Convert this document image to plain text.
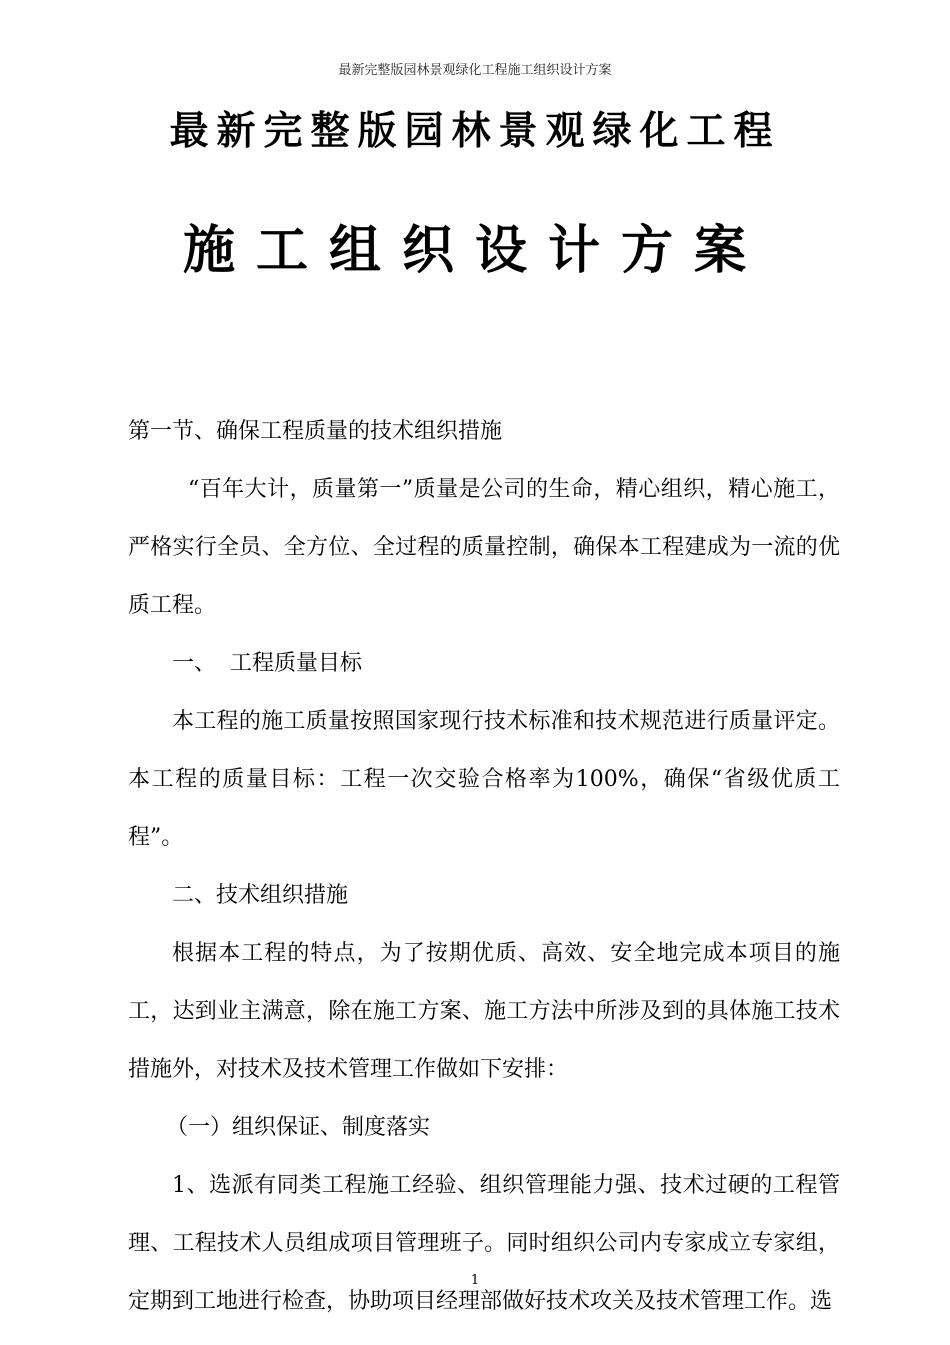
最新完整版园林景观绿化工程施工组织设计方案
最新完整版园林景观绿化工程
施工组织设计方案

第一节、确保工程质量的技术组织措施

“百年大计，质量第一”质量是公司的生命，精心组织，精心施工，严格实行全员、全方位、全过程的质量控制，确保本工程建成为一流的优质工程。

一、  工程质量目标

本工程的施工质量按照国家现行技术标准和技术规范进行质量评定。本工程的质量目标：工程一次交验合格率为100%，确保“省级优质工程”。

二、技术组织措施

根据本工程的特点，为了按期优质、高效、安全地完成本项目的施工，达到业主满意，除在施工方案、施工方法中所涉及到的具体施工技术措施外，对技术及技术管理工作做如下安排：

（一）组织保证、制度落实

1、选派有同类工程施工经验、组织管理能力强、技术过硬的工程管理、工程技术人员组成项目管理班子。同时组织公司内专家成立专家组，定期到工地进行检查，协助项目经理部做好技术攻关及技术管理工作。选

1
